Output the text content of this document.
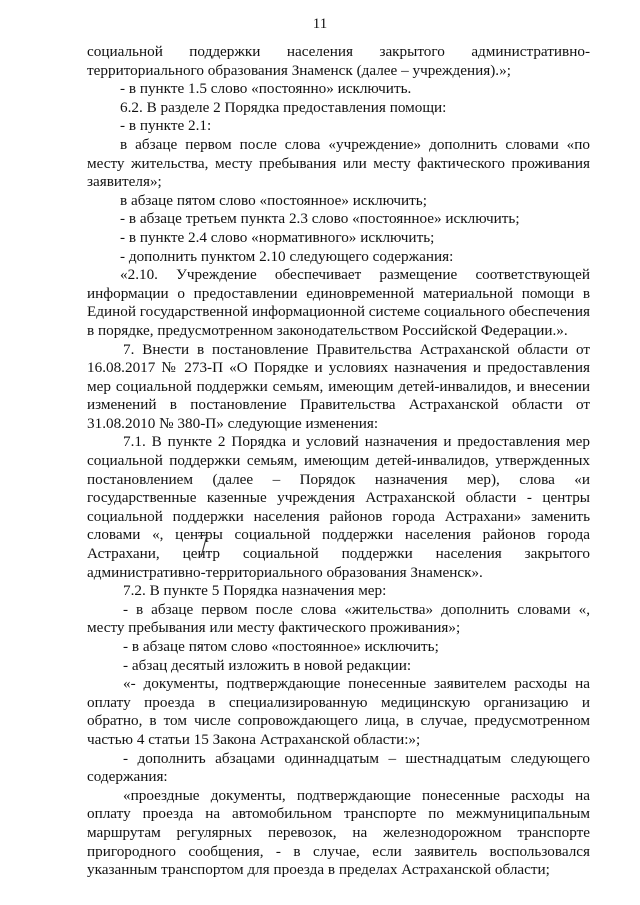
11

социальной поддержки населения закрытого административно-территориального образования Знаменск (далее – учреждения).»;

- в пункте 1.5 слово «постоянно» исключить.

6.2. В разделе 2 Порядка предоставления помощи:

- в пункте 2.1:

в абзаце первом после слова «учреждение» дополнить словами «по месту жительства, месту пребывания или месту фактического проживания заявителя»;

в абзаце пятом слово «постоянное» исключить;

- в абзаце третьем пункта 2.3 слово «постоянное» исключить;

- в пункте 2.4 слово «нормативного» исключить;

- дополнить пунктом 2.10 следующего содержания:

«2.10. Учреждение обеспечивает размещение соответствующей информации о предоставлении единовременной материальной помощи в Единой государственной информационной системе социального обеспечения в порядке, предусмотренном законодательством Российской Федерации.».

7. Внести в постановление Правительства Астраханской области от 16.08.2017 № 273-П «О Порядке и условиях назначения и предоставления мер социальной поддержки семьям, имеющим детей-инвалидов, и внесении изменений в постановление Правительства Астраханской области от 31.08.2010 № 380-П» следующие изменения:

7.1. В пункте 2 Порядка и условий назначения и предоставления мер социальной поддержки семьям, имеющим детей-инвалидов, утвержденных постановлением (далее – Порядок назначения мер), слова «и государственные казенные учреждения Астраханской области - центры социальной поддержки населения районов города Астрахани» заменить словами «, центры социальной поддержки населения районов города Астрахани, центр социальной поддержки населения закрытого административно-территориального образования Знаменск».

7.2. В пункте 5 Порядка назначения мер:

- в абзаце первом после слова «жительства» дополнить словами «, месту пребывания или месту фактического проживания»;

- в абзаце пятом слово «постоянное» исключить;

- абзац десятый изложить в новой редакции:

«- документы, подтверждающие понесенные заявителем расходы на оплату проезда в специализированную медицинскую организацию и обратно, в том числе сопровождающего лица, в случае, предусмотренном частью 4 статьи 15 Закона Астраханской области:»;

- дополнить абзацами одиннадцатым – шестнадцатым следующего содержания:

«проездные документы, подтверждающие понесенные расходы на оплату проезда на автомобильном транспорте по межмуниципальным маршрутам регулярных перевозок, на железнодорожном транспорте пригородного сообщения, - в случае, если заявитель воспользовался указанным транспортом для проезда в пределах Астраханской области;
